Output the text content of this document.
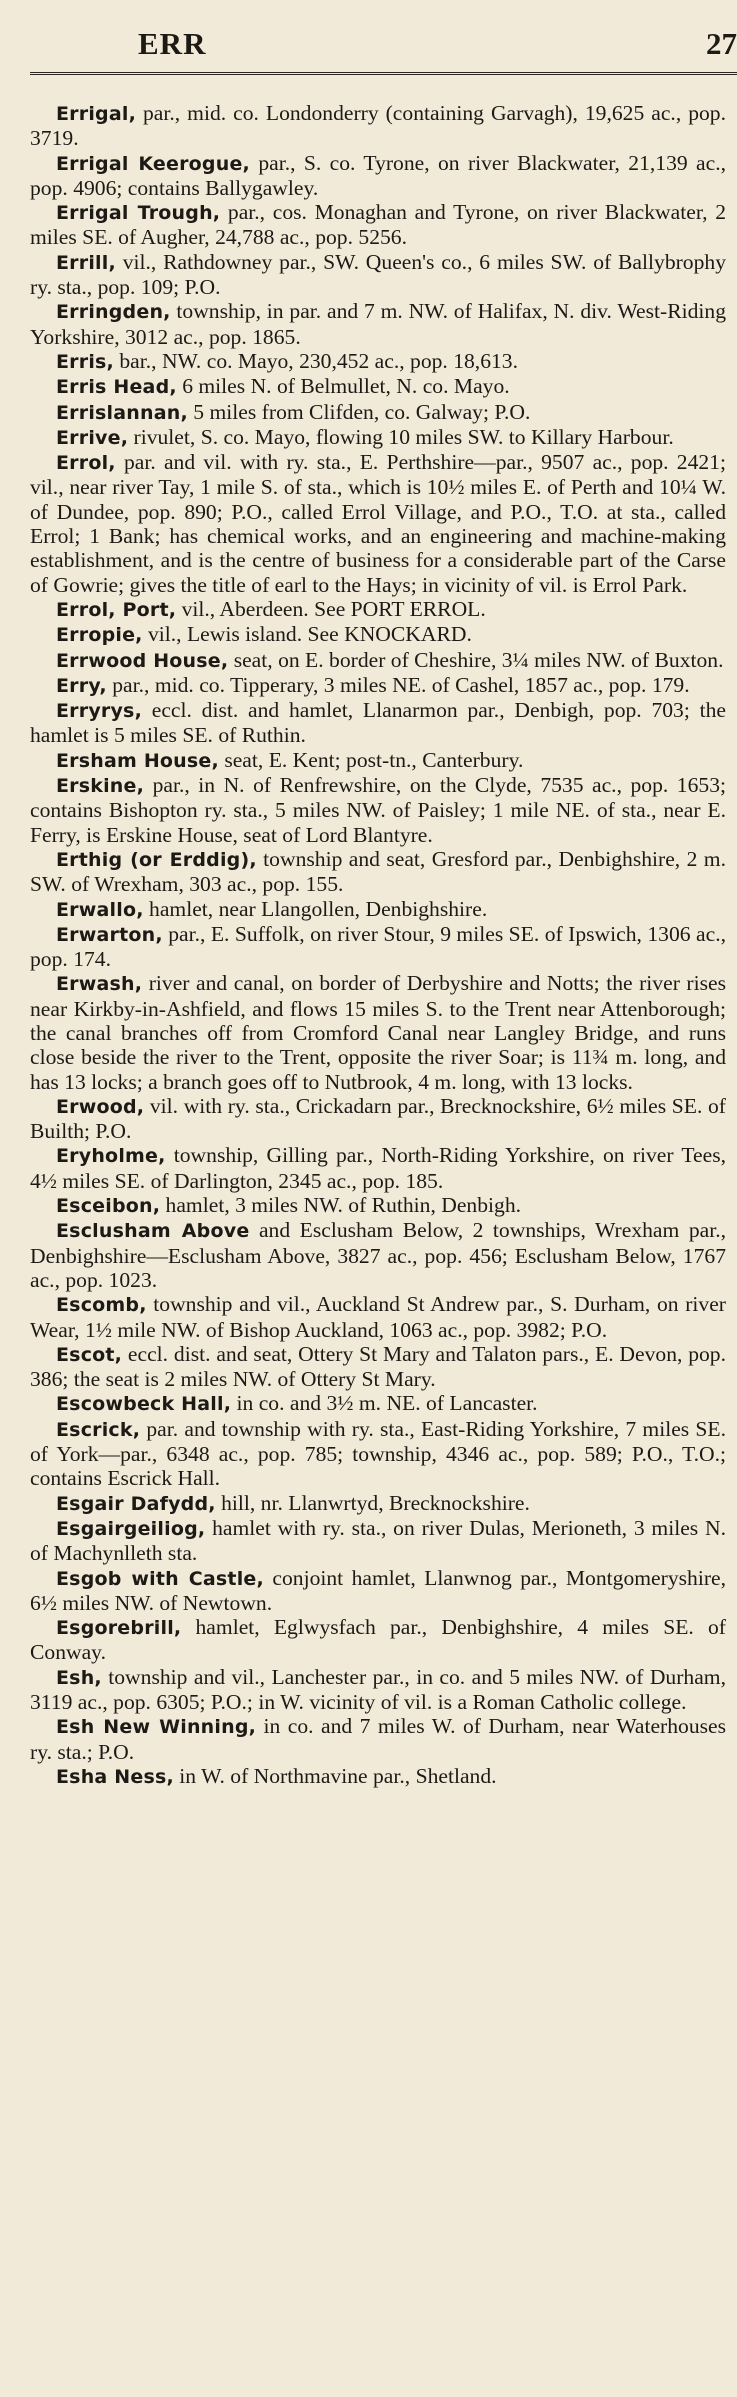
ERR	27

Errigal, par., mid. co. Londonderry (containing Garvagh), 19,625 ac., pop. 3719.

Errigal Keerogue, par., S. co. Tyrone, on river Blackwater, 21,139 ac., pop. 4906; contains Ballygawley.

Errigal Trough, par., cos. Monaghan and Tyrone, on river Blackwater, 2 miles SE. of Augher, 24,788 ac., pop. 5256.

Errill, vil., Rathdowney par., SW. Queen's co., 6 miles SW. of Ballybrophy ry. sta., pop. 109; P.O.

Erringden, township, in par. and 7 m. NW. of Halifax, N. div. West-Riding Yorkshire, 3012 ac., pop. 1865.

Erris, bar., NW. co. Mayo, 230,452 ac., pop. 18,613.

Erris Head, 6 miles N. of Belmullet, N. co. Mayo.

Errislannan, 5 miles from Clifden, co. Galway; P.O.

Errive, rivulet, S. co. Mayo, flowing 10 miles SW. to Killary Harbour.

Errol, par. and vil. with ry. sta., E. Perthshire—par., 9507 ac., pop. 2421; vil., near river Tay, 1 mile S. of sta., which is 10½ miles E. of Perth and 10¼ W. of Dundee, pop. 890; P.O., called Errol Village, and P.O., T.O. at sta., called Errol; 1 Bank; has chemical works, and an engineering and machine-making establishment, and is the centre of business for a considerable part of the Carse of Gowrie; gives the title of earl to the Hays; in vicinity of vil. is Errol Park.

Errol, Port, vil., Aberdeen. See PORT ERROL.

Erropie, vil., Lewis island. See KNOCKARD.

Errwood House, seat, on E. border of Cheshire, 3¼ miles NW. of Buxton.

Erry, par., mid. co. Tipperary, 3 miles NE. of Cashel, 1857 ac., pop. 179.

Erryrys, eccl. dist. and hamlet, Llanarmon par., Denbigh, pop. 703; the hamlet is 5 miles SE. of Ruthin.

Ersham House, seat, E. Kent; post-tn., Canterbury.

Erskine, par., in N. of Renfrewshire, on the Clyde, 7535 ac., pop. 1653; contains Bishopton ry. sta., 5 miles NW. of Paisley; 1 mile NE. of sta., near E. Ferry, is Erskine House, seat of Lord Blantyre.

Erthig (or Erddig), township and seat, Gresford par., Denbighshire, 2 m. SW. of Wrexham, 303 ac., pop. 155.

Erwallo, hamlet, near Llangollen, Denbighshire.

Erwarton, par., E. Suffolk, on river Stour, 9 miles SE. of Ipswich, 1306 ac., pop. 174.

Erwash, river and canal, on border of Derbyshire and Notts; the river rises near Kirkby-in-Ashfield, and flows 15 miles S. to the Trent near Attenborough; the canal branches off from Cromford Canal near Langley Bridge, and runs close beside the river to the Trent, opposite the river Soar; is 11¾ m. long, and has 13 locks; a branch goes off to Nutbrook, 4 m. long, with 13 locks.

Erwood, vil. with ry. sta., Crickadarn par., Brecknockshire, 6½ miles SE. of Builth; P.O.

Eryholme, township, Gilling par., North-Riding Yorkshire, on river Tees, 4½ miles SE. of Darlington, 2345 ac., pop. 185.

Esceibon, hamlet, 3 miles NW. of Ruthin, Denbigh.

Esclusham Above and Esclusham Below, 2 townships, Wrexham par., Denbighshire—Esclusham Above, 3827 ac., pop. 456; Esclusham Below, 1767 ac., pop. 1023.

Escomb, township and vil., Auckland St Andrew par., S. Durham, on river Wear, 1½ mile NW. of Bishop Auckland, 1063 ac., pop. 3982; P.O.

Escot, eccl. dist. and seat, Ottery St Mary and Talaton pars., E. Devon, pop. 386; the seat is 2 miles NW. of Ottery St Mary.

Escowbeck Hall, in co. and 3½ m. NE. of Lancaster.

Escrick, par. and township with ry. sta., East-Riding Yorkshire, 7 miles SE. of York—par., 6348 ac., pop. 785; township, 4346 ac., pop. 589; P.O., T.O.; contains Escrick Hall.

Esgair Dafydd, hill, nr. Llanwrtyd, Brecknockshire.

Esgairgeiliog, hamlet with ry. sta., on river Dulas, Merioneth, 3 miles N. of Machynlleth sta.

Esgob with Castle, conjoint hamlet, Llanwnog par., Montgomeryshire, 6½ miles NW. of Newtown.

Esgorebrill, hamlet, Eglwysfach par., Denbighshire, 4 miles SE. of Conway.

Esh, township and vil., Lanchester par., in co. and 5 miles NW. of Durham, 3119 ac., pop. 6305; P.O.; in W. vicinity of vil. is a Roman Catholic college.

Esh New Winning, in co. and 7 miles W. of Durham, near Waterhouses ry. sta.; P.O.

Esha Ness, in W. of Northmavine par., Shetland.
